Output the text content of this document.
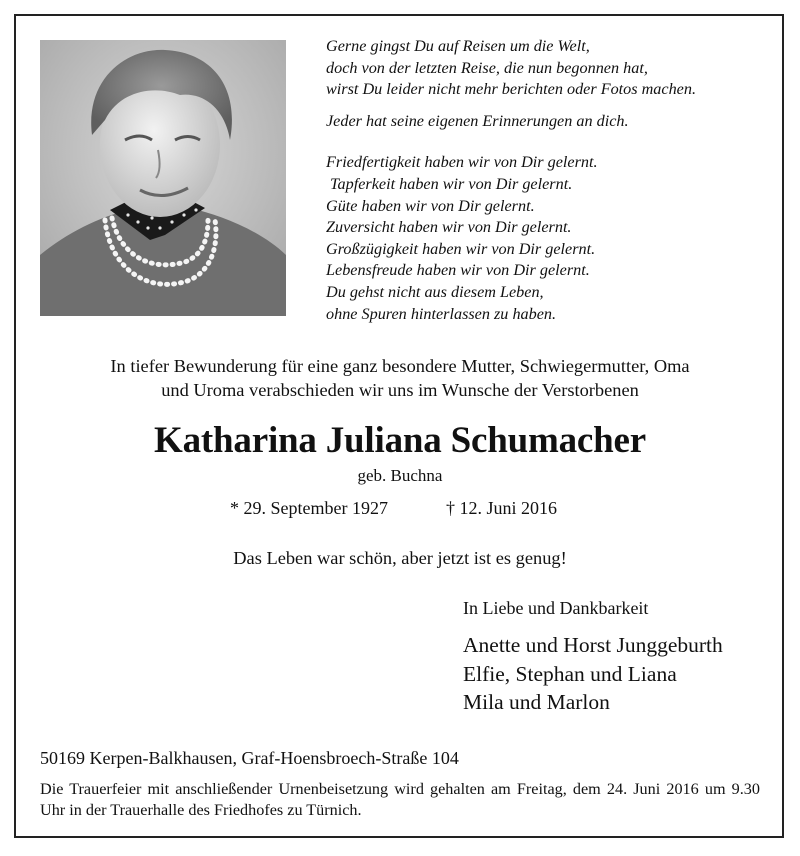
Gerne gingst Du auf Reisen um die Welt,
doch von der letzten Reise, die nun begonnen hat,
wirst Du leider nicht mehr berichten oder Fotos machen.
Jeder hat seine eigenen Erinnerungen an dich.
Friedfertigkeit haben wir von Dir gelernt.
Tapferkeit haben wir von Dir gelernt.
Güte haben wir von Dir gelernt.
Zuversicht haben wir von Dir gelernt.
Großzügigkeit haben wir von Dir gelernt.
Lebensfreude haben wir von Dir gelernt.
Du gehst nicht aus diesem Leben,
ohne Spuren hinterlassen zu haben.
In tiefer Bewunderung für eine ganz besondere Mutter, Schwiegermutter, Oma
und Uroma verabschieden wir uns im Wunsche der Verstorbenen
Katharina Juliana Schumacher
geb. Buchna
* 29. September 1927	† 12. Juni 2016
Das Leben war schön, aber jetzt ist es genug!
In Liebe und Dankbarkeit
Anette und Horst Junggeburth
Elfie, Stephan und Liana
Mila und Marlon
50169 Kerpen-Balkhausen, Graf-Hoensbroech-Straße 104
Die Trauerfeier mit anschließender Urnenbeisetzung wird gehalten am Freitag, dem 24. Juni 2016 um 9.30 Uhr in der Trauerhalle des Friedhofes zu Türnich.
